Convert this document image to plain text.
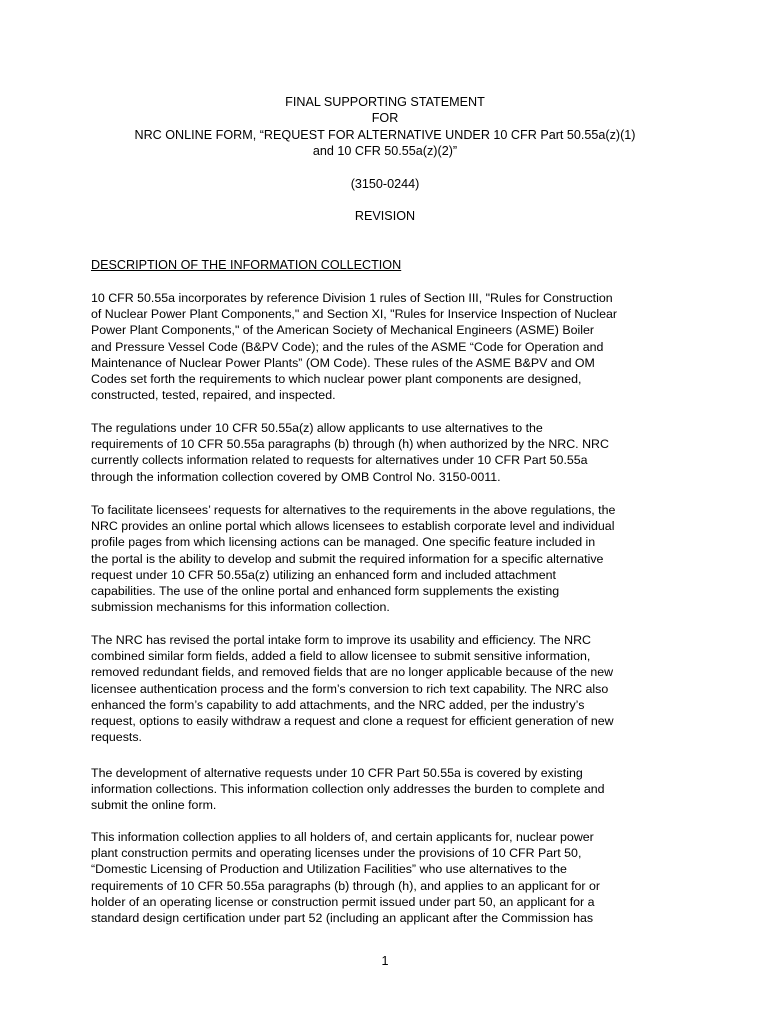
FINAL SUPPORTING STATEMENT
FOR
NRC ONLINE FORM, “REQUEST FOR ALTERNATIVE UNDER 10 CFR Part 50.55a(z)(1)
and 10 CFR 50.55a(z)(2)”
(3150-0244)
REVISION
DESCRIPTION OF THE INFORMATION COLLECTION
10 CFR 50.55a incorporates by reference Division 1 rules of Section III, "Rules for Construction
of Nuclear Power Plant Components," and Section XI, "Rules for Inservice Inspection of Nuclear
Power Plant Components," of the American Society of Mechanical Engineers (ASME) Boiler
and Pressure Vessel Code (B&PV Code); and the rules of the ASME “Code for Operation and
Maintenance of Nuclear Power Plants” (OM Code). These rules of the ASME B&PV and OM
Codes set forth the requirements to which nuclear power plant components are designed,
constructed, tested, repaired, and inspected.
The regulations under 10 CFR 50.55a(z) allow applicants to use alternatives to the
requirements of 10 CFR 50.55a paragraphs (b) through (h) when authorized by the NRC. NRC
currently collects information related to requests for alternatives under 10 CFR Part 50.55a
through the information collection covered by OMB Control No. 3150-0011.
To facilitate licensees’ requests for alternatives to the requirements in the above regulations, the
NRC provides an online portal which allows licensees to establish corporate level and individual
profile pages from which licensing actions can be managed. One specific feature included in
the portal is the ability to develop and submit the required information for a specific alternative
request under 10 CFR 50.55a(z) utilizing an enhanced form and included attachment
capabilities. The use of the online portal and enhanced form supplements the existing
submission mechanisms for this information collection.
The NRC has revised the portal intake form to improve its usability and efficiency. The NRC
combined similar form fields, added a field to allow licensee to submit sensitive information,
removed redundant fields, and removed fields that are no longer applicable because of the new
licensee authentication process and the form’s conversion to rich text capability. The NRC also
enhanced the form’s capability to add attachments, and the NRC added, per the industry’s
request, options to easily withdraw a request and clone a request for efficient generation of new
requests.
The development of alternative requests under 10 CFR Part 50.55a is covered by existing
information collections. This information collection only addresses the burden to complete and
submit the online form.
This information collection applies to all holders of, and certain applicants for, nuclear power
plant construction permits and operating licenses under the provisions of 10 CFR Part 50,
“Domestic Licensing of Production and Utilization Facilities” who use alternatives to the
requirements of 10 CFR 50.55a paragraphs (b) through (h), and applies to an applicant for or
holder of an operating license or construction permit issued under part 50, an applicant for a
standard design certification under part 52 (including an applicant after the Commission has
1
